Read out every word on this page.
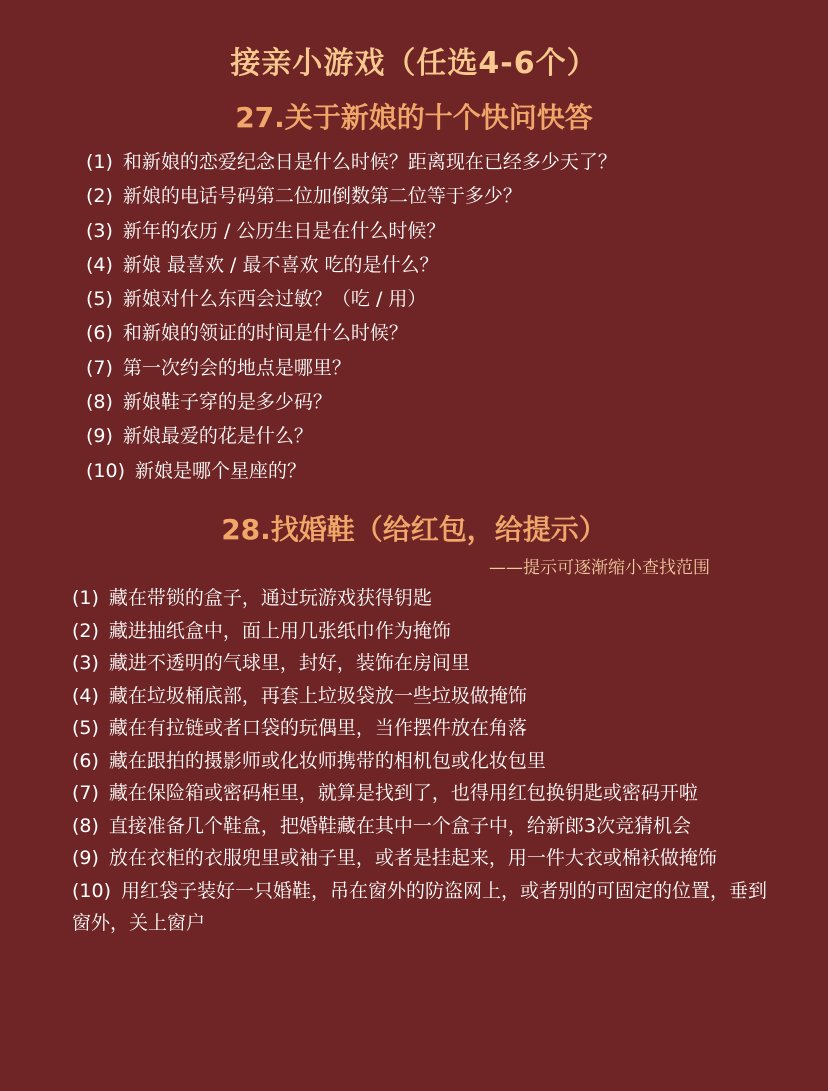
接亲小游戏（任选4-6个）
27.关于新娘的十个快问快答
(1) 和新娘的恋爱纪念日是什么时候？距离现在已经多少天了？
(2) 新娘的电话号码第二位加倒数第二位等于多少？
(3) 新年的农历 / 公历生日是在什么时候？
(4) 新娘 最喜欢 / 最不喜欢 吃的是什么？
(5) 新娘对什么东西会过敏？（吃 / 用）
(6) 和新娘的领证的时间是什么时候？
(7) 第一次约会的地点是哪里？
(8) 新娘鞋子穿的是多少码？
(9) 新娘最爱的花是什么？
(10) 新娘是哪个星座的？
28.找婚鞋（给红包，给提示）
——提示可逐渐缩小查找范围
(1) 藏在带锁的盒子，通过玩游戏获得钥匙
(2) 藏进抽纸盒中，面上用几张纸巾作为掩饰
(3) 藏进不透明的气球里，封好，装饰在房间里
(4) 藏在垃圾桶底部，再套上垃圾袋放一些垃圾做掩饰
(5) 藏在有拉链或者口袋的玩偶里，当作摆件放在角落
(6) 藏在跟拍的摄影师或化妆师携带的相机包或化妆包里
(7) 藏在保险箱或密码柜里，就算是找到了，也得用红包换钥匙或密码开啦
(8) 直接准备几个鞋盒，把婚鞋藏在其中一个盒子中，给新郎3次竞猜机会
(9) 放在衣柜的衣服兜里或袖子里，或者是挂起来，用一件大衣或棉袄做掩饰
(10) 用红袋子装好一只婚鞋，吊在窗外的防盗网上，或者别的可固定的位置，垂到窗外，关上窗户
